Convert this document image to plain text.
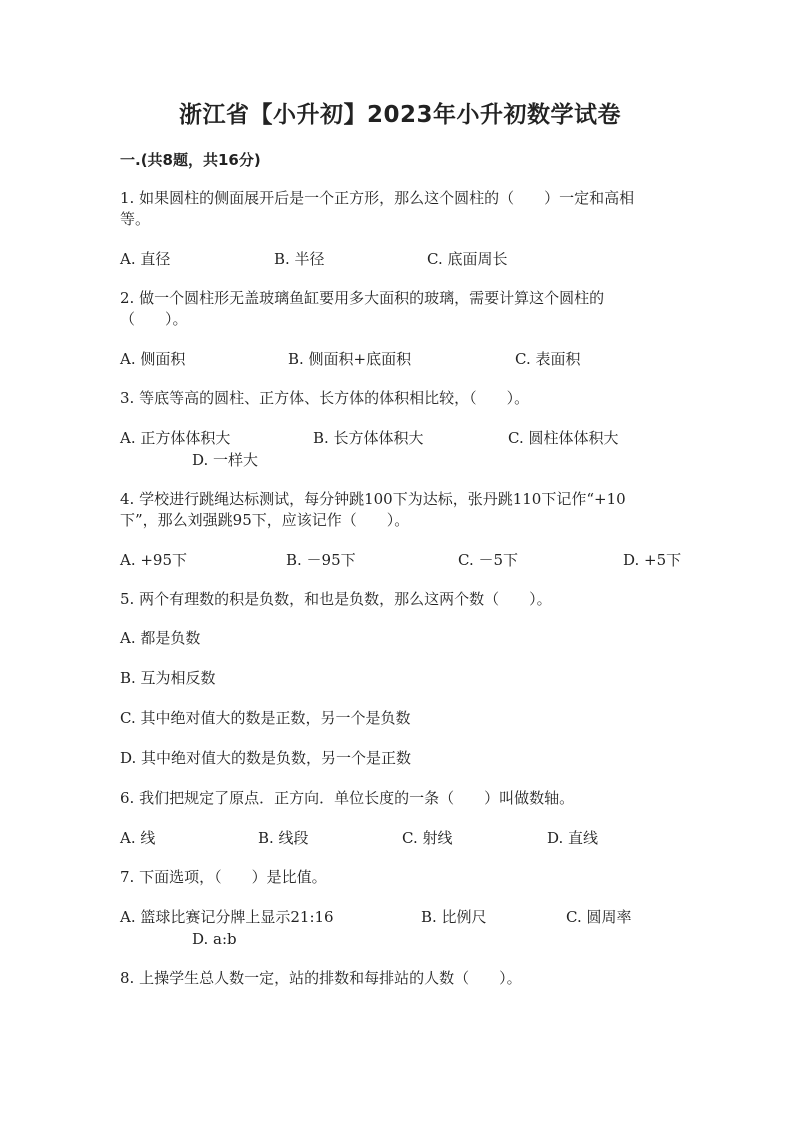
浙江省【小升初】2023年小升初数学试卷
一.(共8题，共16分)
1. 如果圆柱的侧面展开后是一个正方形，那么这个圆柱的（　　）一定和高相
等。
A. 直径	B. 半径	C. 底面周长
2. 做一个圆柱形无盖玻璃鱼缸要用多大面积的玻璃，需要计算这个圆柱的
（　　）。
A. 侧面积	B. 侧面积+底面积	C. 表面积
3. 等底等高的圆柱、正方体、长方体的体积相比较，（　　）。
A. 正方体体积大	B. 长方体体积大	C. 圆柱体体积大
D. 一样大
4. 学校进行跳绳达标测试，每分钟跳100下为达标，张丹跳110下记作“+10
下”，那么刘强跳95下，应该记作（　　）。
A. +95下	B. －95下	C. －5下	D. +5下
5. 两个有理数的积是负数，和也是负数，那么这两个数（　　）。
A. 都是负数
B. 互为相反数
C. 其中绝对值大的数是正数，另一个是负数
D. 其中绝对值大的数是负数，另一个是正数
6. 我们把规定了原点．正方向．单位长度的一条（　　）叫做数轴。
A. 线	B. 线段	C. 射线	D. 直线
7. 下面选项，（　　）是比值。
A. 篮球比赛记分牌上显示21:16	B. 比例尺	C. 圆周率
D. a:b
8. 上操学生总人数一定，站的排数和每排站的人数（　　）。
